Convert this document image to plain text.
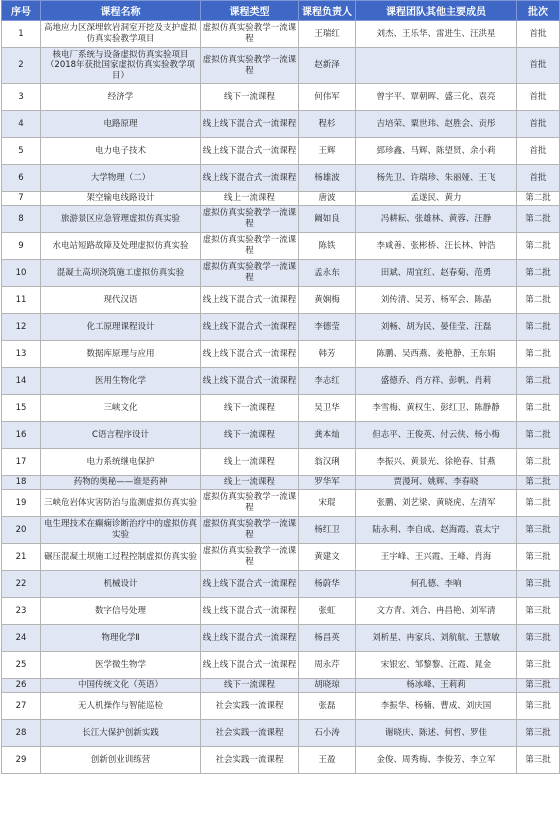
序号	课程名称	课程类型	课程负责人	课程团队其他主要成员	批次
1	高地应力区深埋软岩洞室开挖及支护虚拟仿真实验教学项目	虚拟仿真实验教学一流课程	王瑞红	刘杰、王乐华、雷进生、汪洪星	首批
2	核电厂系统与设备虚拟仿真实验项目（2018年获批国家虚拟仿真实验教学项目）	虚拟仿真实验教学一流课程	赵新泽		首批
3	经济学	线下一流课程	何伟军	曾宇平、覃朝晖、盛三化、袁亮	首批
4	电路原理	线上线下混合式一流课程	程杉	吉培荣、粟世玮、赵胜会、贡彤	首批
5	电力电子技术	线上线下混合式一流课程	王辉	郅珍鑫、马辉、陈望贤、余小莉	首批
6	大学物理（二）	线上线下混合式一流课程	杨雄波	杨先卫、许瑞珍、朱丽娅、王飞	首批
7	架空输电线路设计	线上一流课程	唐波	孟遂民、黄力	第二批
8	旅游景区应急管理虚拟仿真实验	虚拟仿真实验教学一流课程	阚如良	冯耕耘、张雄林、黄蓉、汪静	第二批
9	水电站短路故障及处理虚拟仿真实验	虚拟仿真实验教学一流课程	陈铁	李咸善、张彬桥、汪长林、钟浩	第二批
10	混凝土高坝浇筑施工虚拟仿真实验	虚拟仿真实验教学一流课程	孟永东	田斌、周宜红、赵春菊、范勇	第二批
11	现代汉语	线上线下混合式一流课程	黄娴梅	刘传清、吴芳、杨军会、陈晶	第二批
12	化工原理课程设计	线上线下混合式一流课程	李德莹	刘畅、胡为民、晏佳莹、汪磊	第二批
13	数据库原理与应用	线上线下混合式一流课程	韩芳	陈鹏、吴西燕、姜艳静、王东娟	第二批
14	医用生物化学	线上线下混合式一流课程	李志红	盛德乔、肖方祥、彭帆、肖莉	第二批
15	三峡文化	线下一流课程	吴卫华	李雪梅、黄权生、彭红卫、陈静静	第二批
16	C语言程序设计	线下一流课程	龚本灿	但志平、王俊英、付云侠、杨小梅	第二批
17	电力系统继电保护	线上一流课程	翁汉琍	李振兴、黄景光、徐艳春、甘燕	第二批
18	药物的奥秘——谁是药神	线上一流课程	罗华军	贾漫珂、姚辉、李春晓	第二批
19	三峡危岩体灾害防治与监测虚拟仿真实验	虚拟仿真实验教学一流课程	宋琨	张鹏、刘艺梁、黄晓虎、左清军	第二批
20	电生理技术在癫痫诊断治疗中的虚拟仿真实验	虚拟仿真实验教学一流课程	杨红卫	陆永利、李自成、赵海霞、袁太宁	第三批
21	碾压混凝土坝施工过程控制虚拟仿真实验	虚拟仿真实验教学一流课程	黄建文	王宇峰、王兴霞、王峰、肖海	第三批
22	机械设计	线上线下混合式一流课程	杨蔚华	何孔德、李响	第三批
23	数字信号处理	线上线下混合式一流课程	张虹	文方青、刘合、冉昌艳、刘军清	第三批
24	物理化学Ⅱ	线上线下混合式一流课程	杨昌英	刘析星、冉家兵、刘航航、王慧敏	第三批
25	医学微生物学	线上线下混合式一流课程	周永芹	宋银宏、邹黎黎、汪霞、晁金	第三批
26	中国传统文化（英语）	线下一流课程	胡晓琼	杨冰峰、王莉莉	第三批
27	无人机操作与智能巡检	社会实践一流课程	张磊	李振华、杨楠、曹成、刘庆国	第三批
28	长江大保护创新实践	社会实践一流课程	石小涛	谢晓庆、陈述、何哲、罗佳	第三批
29	创新创业训练营	社会实践一流课程	王盈	金俊、周秀梅、李俊芳、李立军	第三批
